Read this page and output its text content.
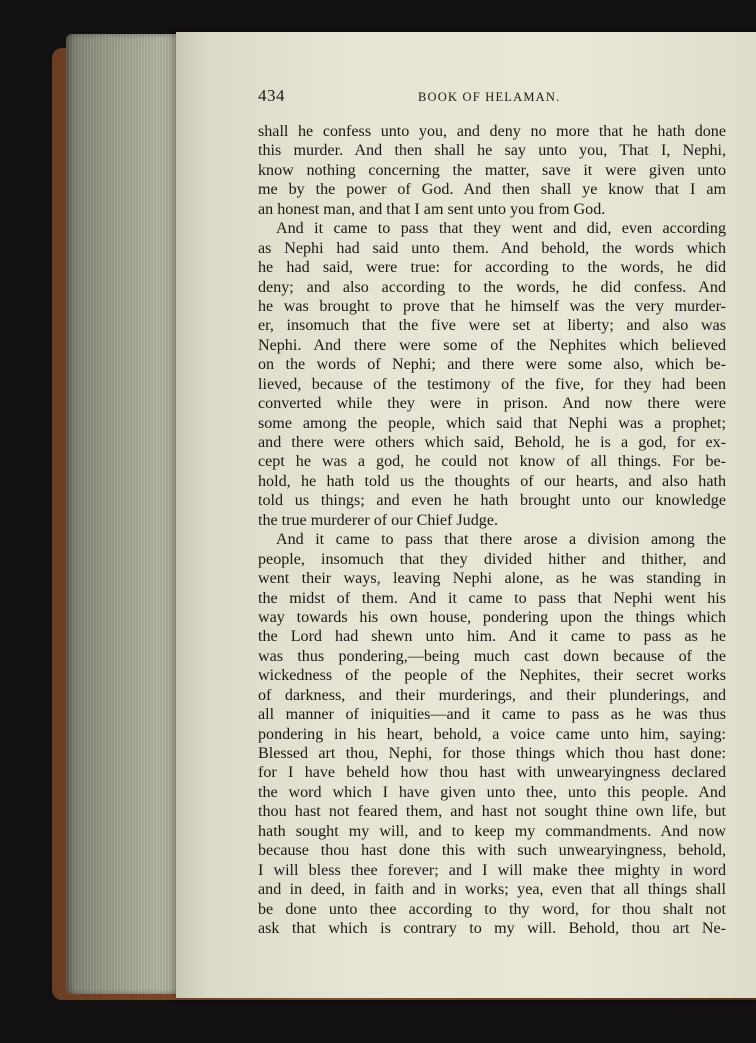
434	BOOK OF HELAMAN.
shall he confess unto you, and deny no more that he hath done
this murder. And then shall he say unto you, That I, Nephi,
know nothing concerning the matter, save it were given unto
me by the power of God. And then shall ye know that I am
an honest man, and that I am sent unto you from God.
And it came to pass that they went and did, even according
as Nephi had said unto them. And behold, the words which
he had said, were true: for according to the words, he did
deny; and also according to the words, he did confess. And
he was brought to prove that he himself was the very murder-
er, insomuch that the five were set at liberty; and also was
Nephi. And there were some of the Nephites which believed
on the words of Nephi; and there were some also, which be-
lieved, because of the testimony of the five, for they had been
converted while they were in prison. And now there were
some among the people, which said that Nephi was a prophet;
and there were others which said, Behold, he is a god, for ex-
cept he was a god, he could not know of all things. For be-
hold, he hath told us the thoughts of our hearts, and also hath
told us things; and even he hath brought unto our knowledge
the true murderer of our Chief Judge.
And it came to pass that there arose a division among the
people, insomuch that they divided hither and thither, and
went their ways, leaving Nephi alone, as he was standing in
the midst of them. And it came to pass that Nephi went his
way towards his own house, pondering upon the things which
the Lord had shewn unto him. And it came to pass as he
was thus pondering,—being much cast down because of the
wickedness of the people of the Nephites, their secret works
of darkness, and their murderings, and their plunderings, and
all manner of iniquities—and it came to pass as he was thus
pondering in his heart, behold, a voice came unto him, saying:
Blessed art thou, Nephi, for those things which thou hast done:
for I have beheld how thou hast with unwearyingness declared
the word which I have given unto thee, unto this people. And
thou hast not feared them, and hast not sought thine own life, but
hath sought my will, and to keep my commandments. And now
because thou hast done this with such unwearyingness, behold,
I will bless thee forever; and I will make thee mighty in word
and in deed, in faith and in works; yea, even that all things shall
be done unto thee according to thy word, for thou shalt not
ask that which is contrary to my will. Behold, thou art Ne-
